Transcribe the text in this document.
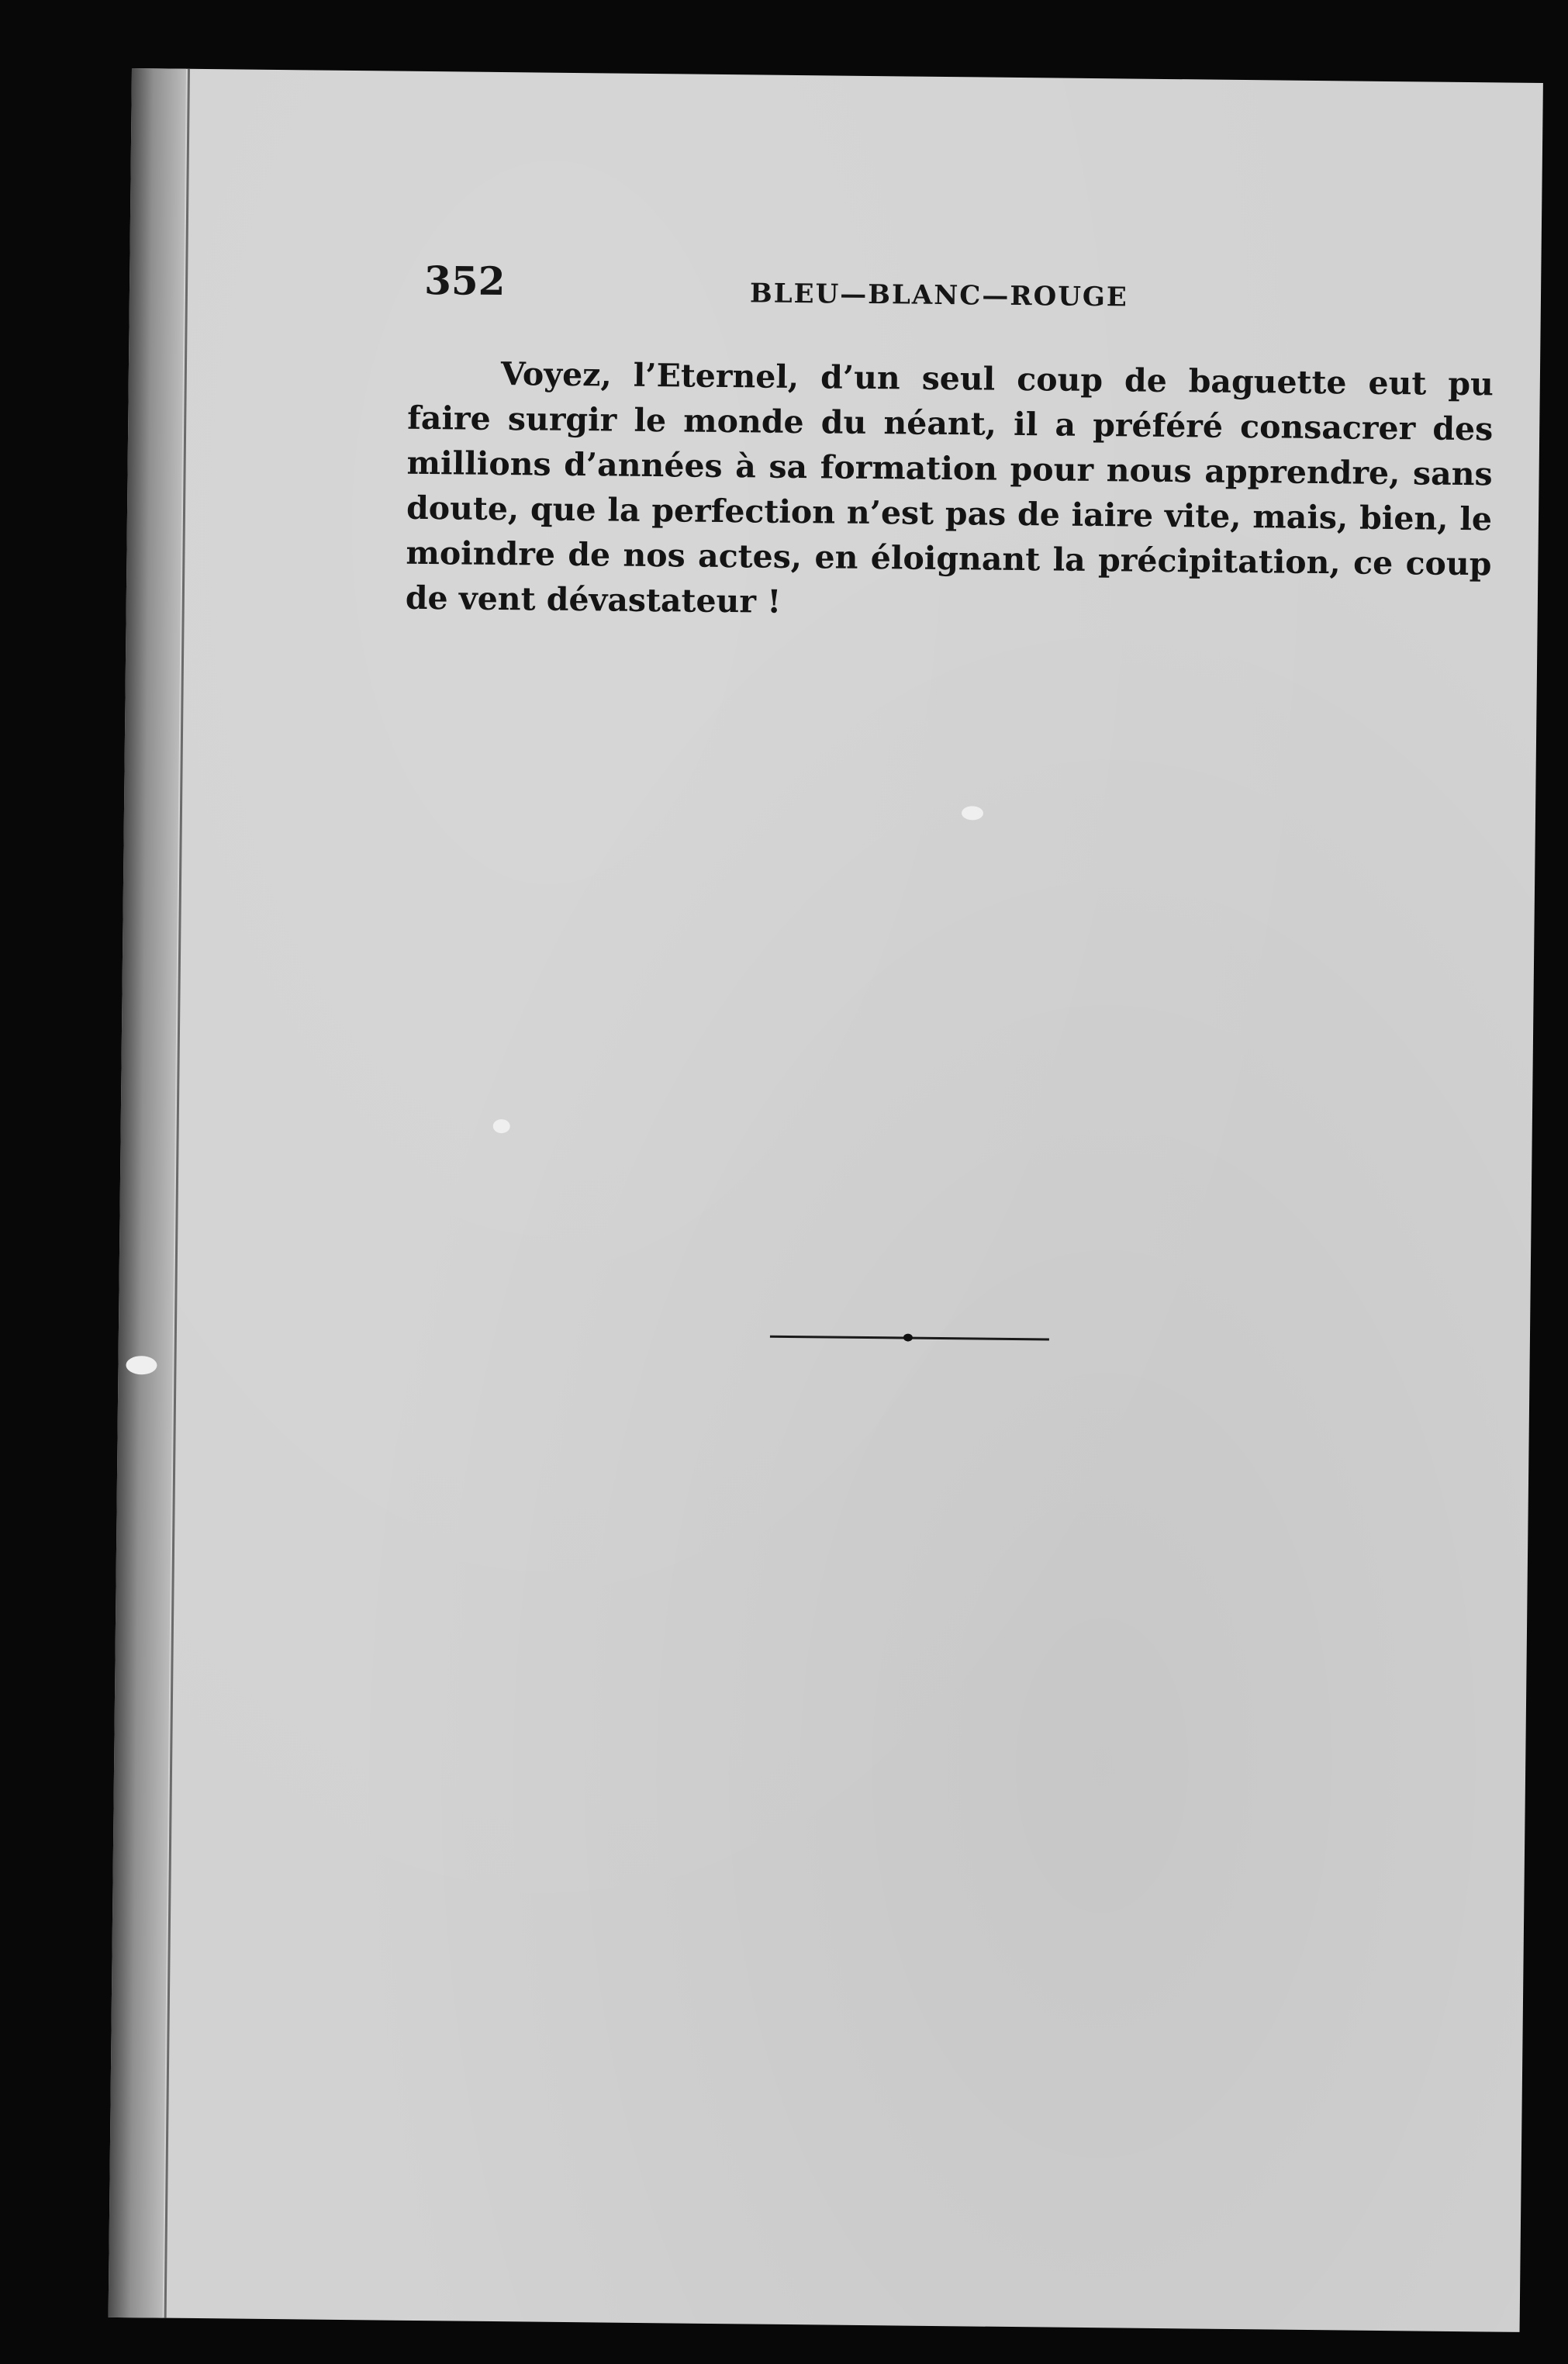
352	BLEU—BLANC—ROUGE

Voyez, l’Eternel, d’un seul coup de baguette eut pu faire surgir le monde du néant, il a préféré consacrer des millions d’années à sa formation pour nous apprendre, sans doute, que la perfection n’est pas de iaire vite, mais, bien, le moindre de nos actes, en éloignant la précipitation, ce coup de vent dévastateur !
